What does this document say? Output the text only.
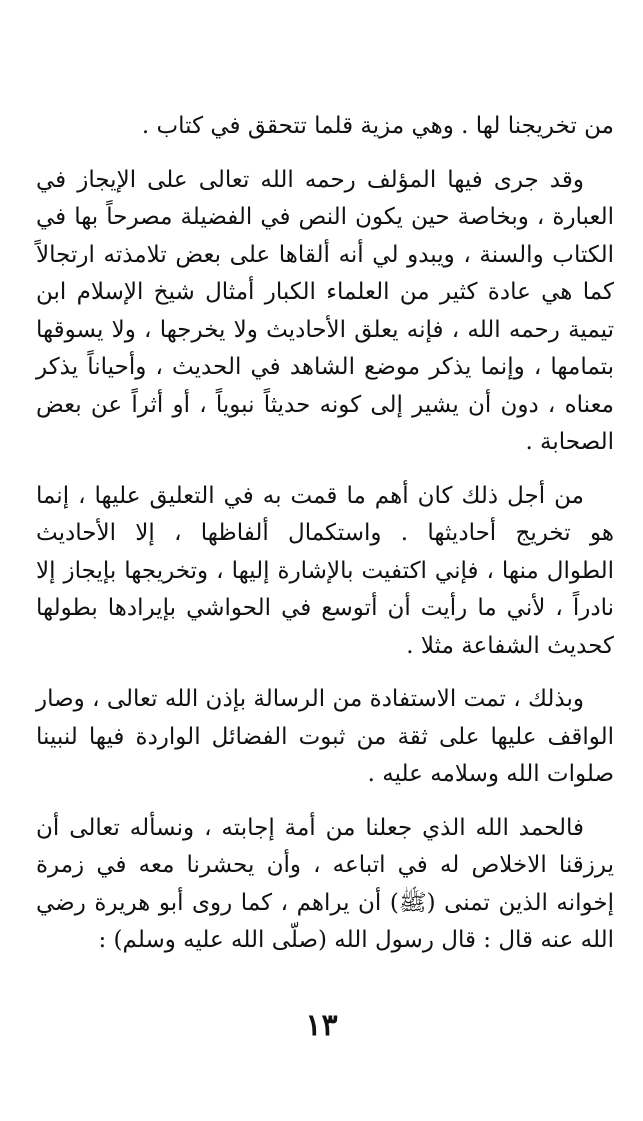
من تخريجنا لها . وهي مزية قلما تتحقق في كتاب .

وقد جرى فيها المؤلف رحمه الله تعالى على الإيجاز في
العبارة ، وبخاصة حين يكون النص في الفضيلة مصرحاً بها في
الكتاب والسنة ، ويبدو لي أنه ألقاها على بعض تلامذته ارتجالاً
كما هي عادة كثير من العلماء الكبار أمثال شيخ الإسلام ابن
تيمية رحمه الله ، فإنه يعلق الأحاديث ولا يخرجها ، ولا يسوقها
بتمامها ، وإنما يذكر موضع الشاهد في الحديث ، وأحياناً يذكر
معناه ، دون أن يشير إلى كونه حديثاً نبوياً ، أو أثراً عن بعض
الصحابة .

من أجل ذلك كان أهم ما قمت به في التعليق عليها ، إنما
هو تخريج أحاديثها . واستكمال ألفاظها ، إلا الأحاديث
الطوال منها ، فإني اكتفيت بالإشارة إليها ، وتخريجها بإيجاز إلا
نادراً ، لأني ما رأيت أن أتوسع في الحواشي بإيرادها بطولها
كحديث الشفاعة مثلا .

وبذلك ، تمت الاستفادة من الرسالة بإذن الله تعالى ، وصار
الواقف عليها على ثقة من ثبوت الفضائل الواردة فيها لنبينا
صلوات الله وسلامه عليه .

فالحمد الله الذي جعلنا من أمة إجابته ، ونسأله تعالى أن
يرزقنا الاخلاص له في اتباعه ، وأن يحشرنا معه في زمرة
إخوانه الذين تمنى (ﷺ) أن يراهم ، كما روى أبو هريرة رضي
الله عنه قال : قال رسول الله (صلّى الله عليه وسلم) :

١٣
